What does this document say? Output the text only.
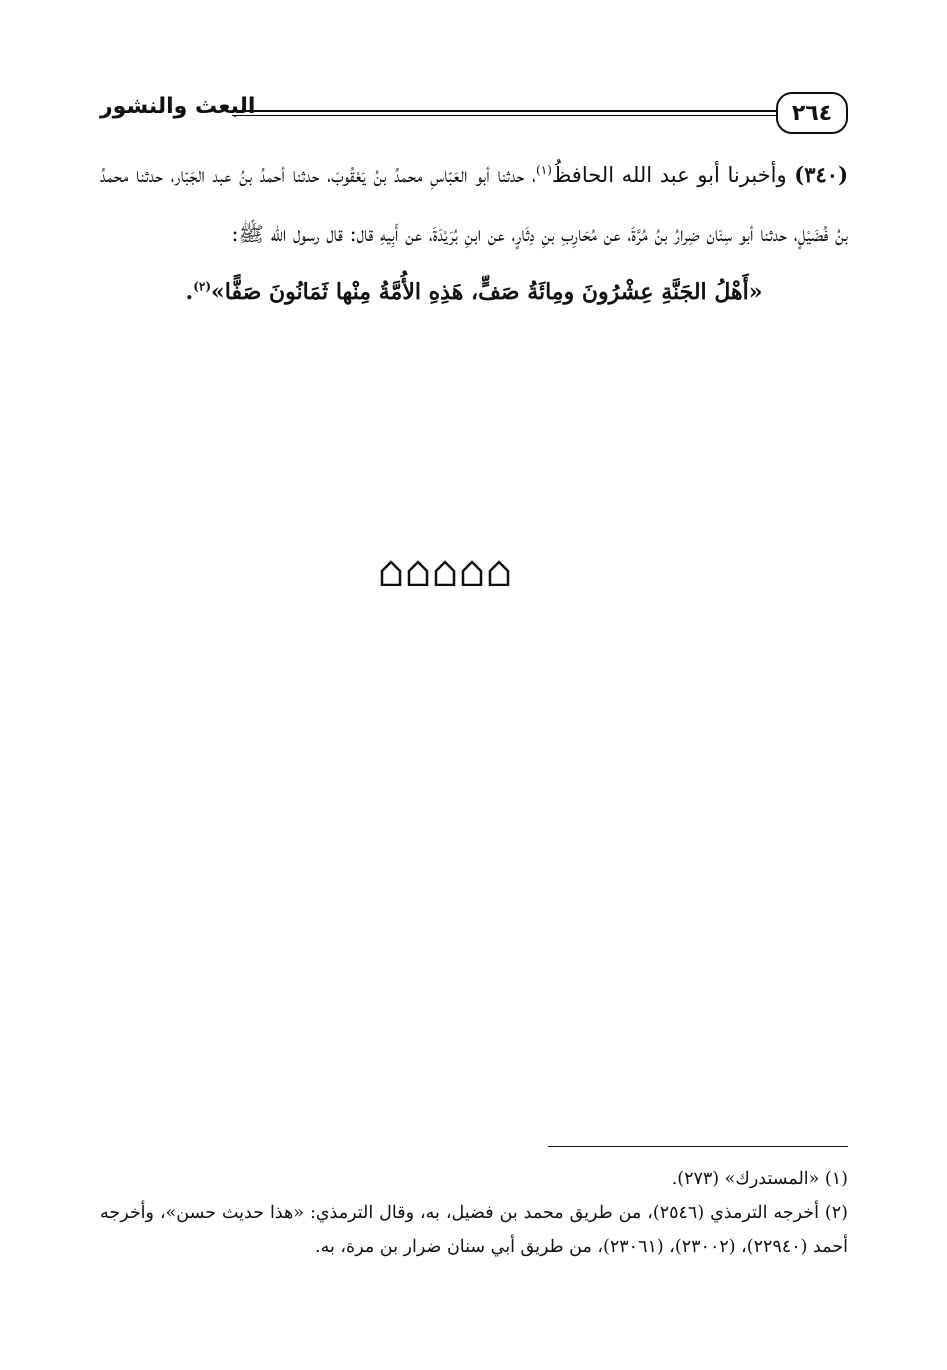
٢٦٤
البعث والنشور

(٣٤٠) وأخبرنا أبو عبد الله الحافظُ$^{(١)}$، حدثنا أبو العَبّاسِ محمدُ بنُ يَعْقُوبَ، حدثنا أحمدُ بنُ عبد الجَبّار، حدثنا محمدُ بنُ فُضَيْلٍ، حدثنا أبو سِنَان ضِرارُ بنُ مُرَّةَ، عن مُحَارِبِ بنِ دِثَارٍ، عن ابنِ بُرَيْدَةَ، عن أَبِيهِ قال: قال رسول الله ﷺ:

«أَهْلُ الجَنَّةِ عِشْرُونَ ومِائَةُ صَفٍّ، هَذِهِ الأُمَّةُ مِنْها ثَمَانُونَ صَفًّا»$^{(٢)}$.

(١) «المستدرك» (٢٧٣).

(٢) أخرجه الترمذي (٢٥٤٦)، من طريق محمد بن فضيل، به، وقال الترمذي: «هذا حديث حسن»، وأخرجه أحمد (٢٢٩٤٠)، (٢٣٠٠٢)، (٢٣٠٦١)، من طريق أبي سنان ضرار بن مرة، به.
